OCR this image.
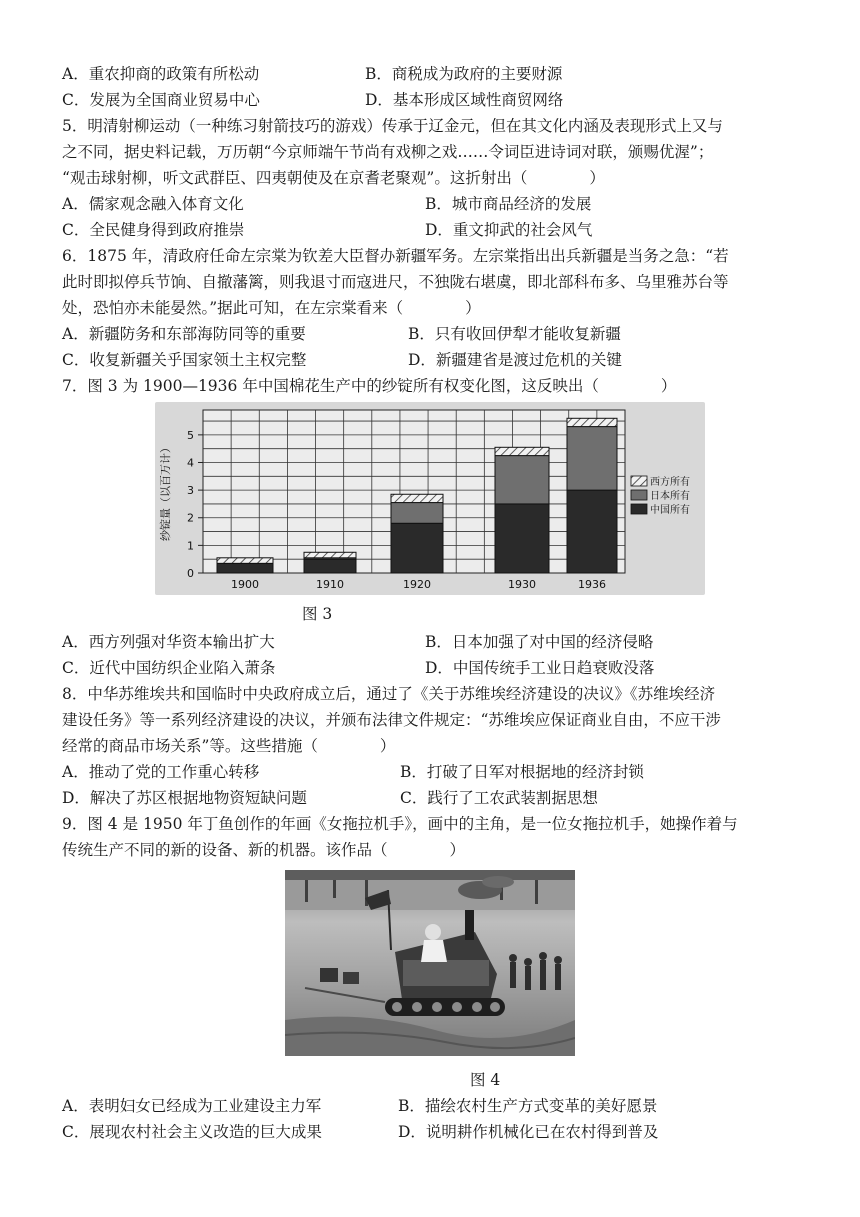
A．重农抑商的政策有所松动	B．商税成为政府的主要财源
C．发展为全国商业贸易中心	D．基本形成区域性商贸网络
5．明清射柳运动（一种练习射箭技巧的游戏）传承于辽金元，但在其文化内涵及表现形式上又与
之不同，据史料记载，万历朝“今京师端午节尚有戏柳之戏……令词臣进诗词对联，颁赐优渥”；
“观击球射柳，听文武群臣、四夷朝使及在京耆老聚观”。这折射出（　　　　）
A．儒家观念融入体育文化	B．城市商品经济的发展
C．全民健身得到政府推崇	D．重文抑武的社会风气
6．1875 年，清政府任命左宗棠为钦差大臣督办新疆军务。左宗棠指出出兵新疆是当务之急：“若
此时即拟停兵节饷、自撤藩篱，则我退寸而寇进尺，不独陇右堪虞，即北部科布多、乌里雅苏台等
处，恐怕亦未能晏然。”据此可知，在左宗棠看来（　　　　）
A．新疆防务和东部海防同等的重要	B．只有收回伊犁才能收复新疆
C．收复新疆关乎国家领土主权完整	D．新疆建省是渡过危机的关键
7．图 3 为 1900—1936 年中国棉花生产中的纱锭所有权变化图，这反映出（　　　　）
0
1
2
3
4
5
纱锭量（以百万计）
1900	1910	1920	1930	1936
西方所有
日本所有
中国所有
图 3
A．西方列强对华资本输出扩大	B．日本加强了对中国的经济侵略
C．近代中国纺织企业陷入萧条	D．中国传统手工业日趋衰败没落
8．中华苏维埃共和国临时中央政府成立后，通过了《关于苏维埃经济建设的决议》《苏维埃经济
建设任务》等一系列经济建设的决议，并颁布法律文件规定：“苏维埃应保证商业自由，不应干涉
经常的商品市场关系”等。这些措施（　　　　）
A．推动了党的工作重心转移	B．打破了日军对根据地的经济封锁
D．解决了苏区根据地物资短缺问题	C．践行了工农武装割据思想
9．图 4 是 1950 年丁鱼创作的年画《女拖拉机手》，画中的主角，是一位女拖拉机手，她操作着与
传统生产不同的新的设备、新的机器。该作品（　　　　）
图 4
A．表明妇女已经成为工业建设主力军	B．描绘农村生产方式变革的美好愿景
C．展现农村社会主义改造的巨大成果	D．说明耕作机械化已在农村得到普及
